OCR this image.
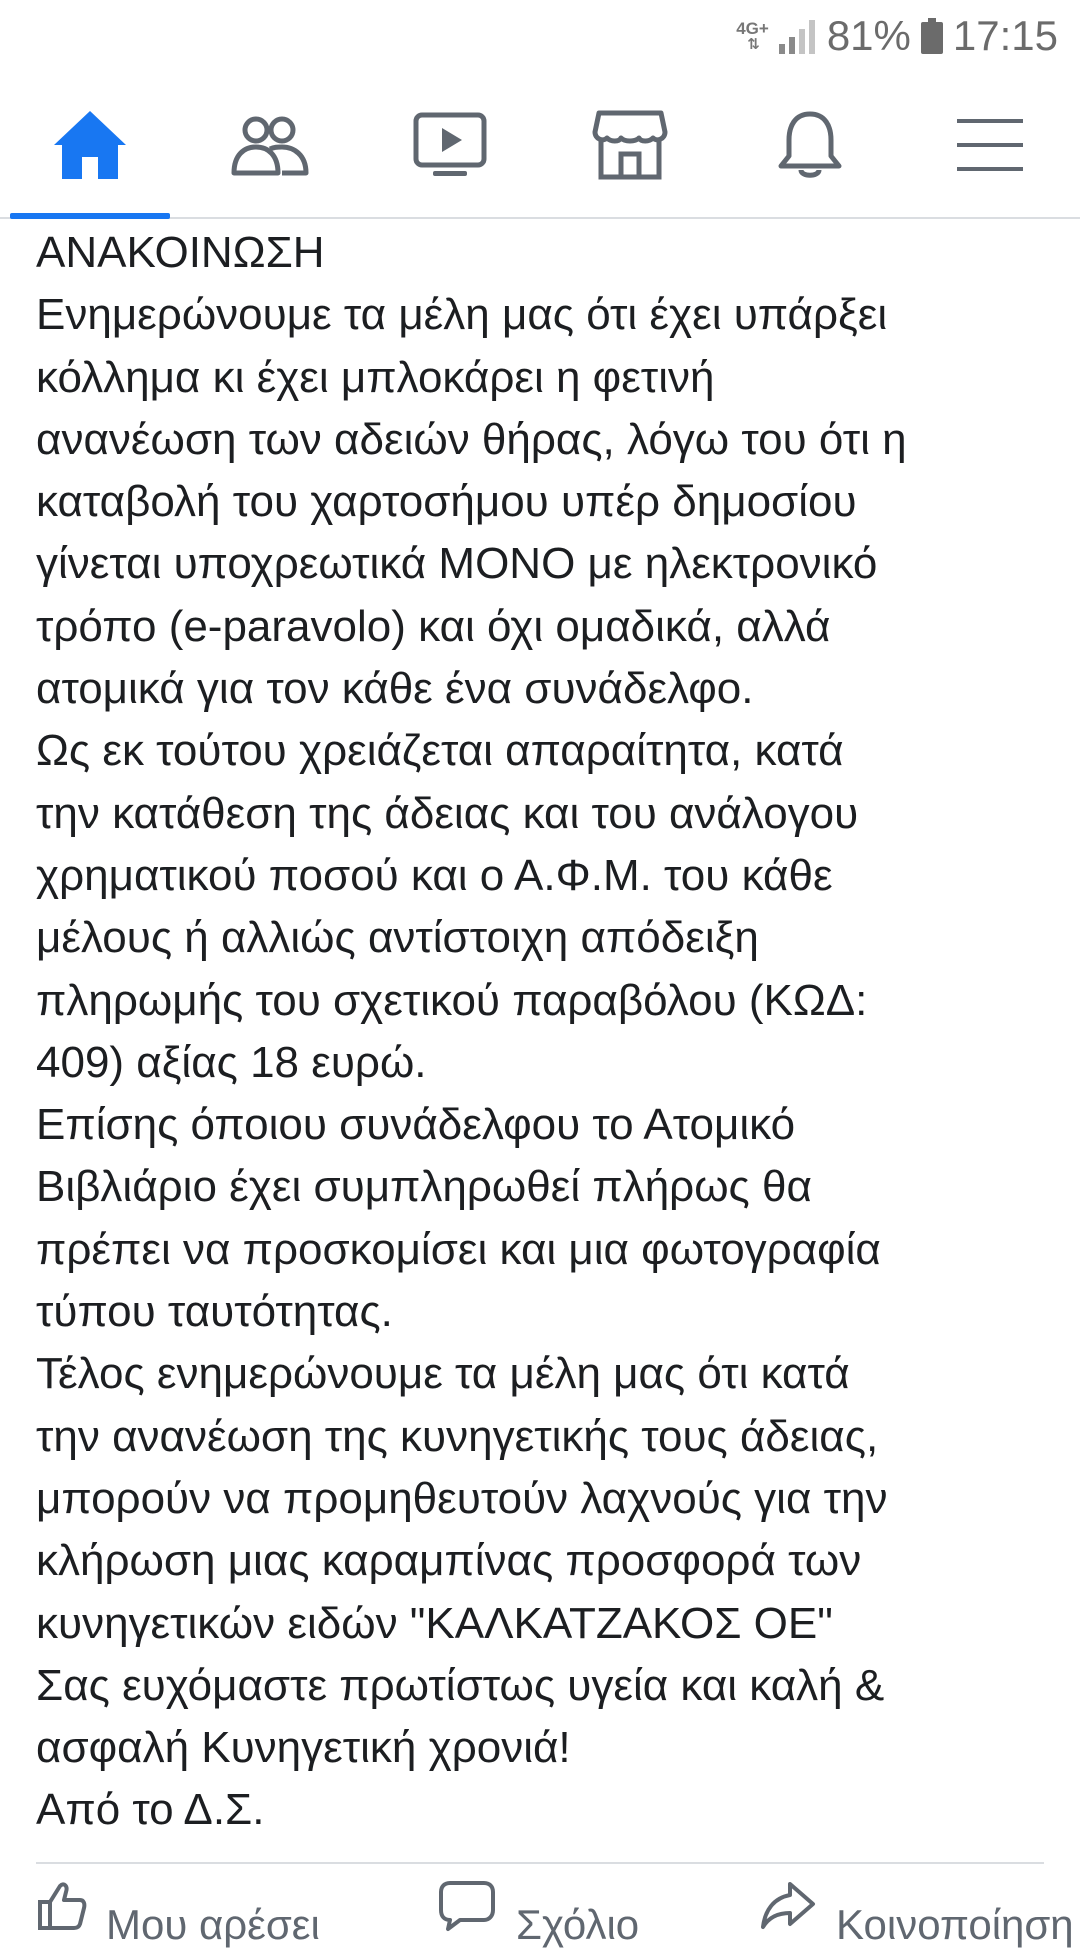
4G+
⇅ 81% 17:15

ΑΝΑΚΟΙΝΩΣΗ

Ενημερώνουμε τα μέλη μας ότι έχει υπάρξει

κόλλημα κι έχει μπλοκάρει η φετινή

ανανέωση των αδειών θήρας, λόγω του ότι η

καταβολή του χαρτοσήμου υπέρ δημοσίου

γίνεται υποχρεωτικά ΜΟΝΟ με ηλεκτρονικό

τρόπο (e-paravolo) και όχι ομαδικά, αλλά

ατομικά για τον κάθε ένα συνάδελφο.

Ως εκ τούτου χρειάζεται απαραίτητα, κατά

την κατάθεση της άδειας και του ανάλογου

χρηματικού ποσού και ο Α.Φ.Μ. του κάθε

μέλους ή αλλιώς αντίστοιχη απόδειξη

πληρωμής του σχετικού παραβόλου (ΚΩΔ:

409) αξίας 18 ευρώ.

Επίσης όποιου συνάδελφου το Ατομικό

Βιβλιάριο έχει συμπληρωθεί πλήρως θα

πρέπει να προσκομίσει και μια φωτογραφία

τύπου ταυτότητας.

Τέλος ενημερώνουμε τα μέλη μας ότι κατά

την ανανέωση της κυνηγετικής τους άδειας,

μπορούν να προμηθευτούν λαχνούς για την

κλήρωση μιας καραμπίνας προσφορά των

κυνηγετικών ειδών "ΚΑΛΚΑΤΖΑΚΟΣ ΟΕ"

Σας ευχόμαστε πρωτίστως υγεία και καλή &

ασφαλή Κυνηγετική χρονιά!

Από το Δ.Σ.

Μου αρέσει	Σχόλιο	Κοινοποίηση
